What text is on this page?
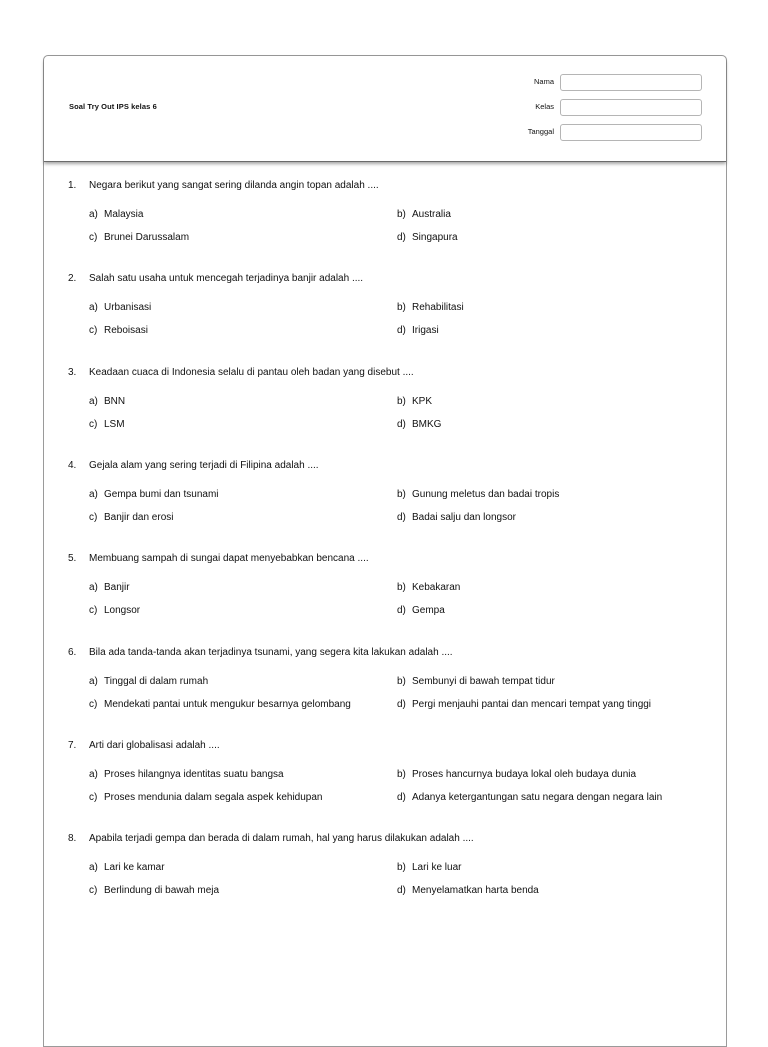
Soal Try Out IPS kelas 6
Nama
Kelas
Tanggal
1. Negara berikut yang sangat sering dilanda angin topan adalah ....
a) Malaysia	b) Australia
c) Brunei Darussalam	d) Singapura
2. Salah satu usaha untuk mencegah terjadinya banjir adalah ....
a) Urbanisasi	b) Rehabilitasi
c) Reboisasi	d) Irigasi
3. Keadaan cuaca di Indonesia selalu di pantau oleh badan yang disebut ....
a) BNN	b) KPK
c) LSM	d) BMKG
4. Gejala alam yang sering terjadi di Filipina adalah ....
a) Gempa bumi dan tsunami	b) Gunung meletus dan badai tropis
c) Banjir dan erosi	d) Badai salju dan longsor
5. Membuang sampah di sungai dapat menyebabkan bencana ....
a) Banjir	b) Kebakaran
c) Longsor	d) Gempa
6. Bila ada tanda-tanda akan terjadinya tsunami, yang segera kita lakukan adalah ....
a) Tinggal di dalam rumah	b) Sembunyi di bawah tempat tidur
c) Mendekati pantai untuk mengukur besarnya gelombang	d) Pergi menjauhi pantai dan mencari tempat yang tinggi
7. Arti dari globalisasi adalah ....
a) Proses hilangnya identitas suatu bangsa	b) Proses hancurnya budaya lokal oleh budaya dunia
c) Proses mendunia dalam segala aspek kehidupan	d) Adanya ketergantungan satu negara dengan negara lain
8. Apabila terjadi gempa dan berada di dalam rumah, hal yang harus dilakukan adalah ....
a) Lari ke kamar	b) Lari ke luar
c) Berlindung di bawah meja	d) Menyelamatkan harta benda
